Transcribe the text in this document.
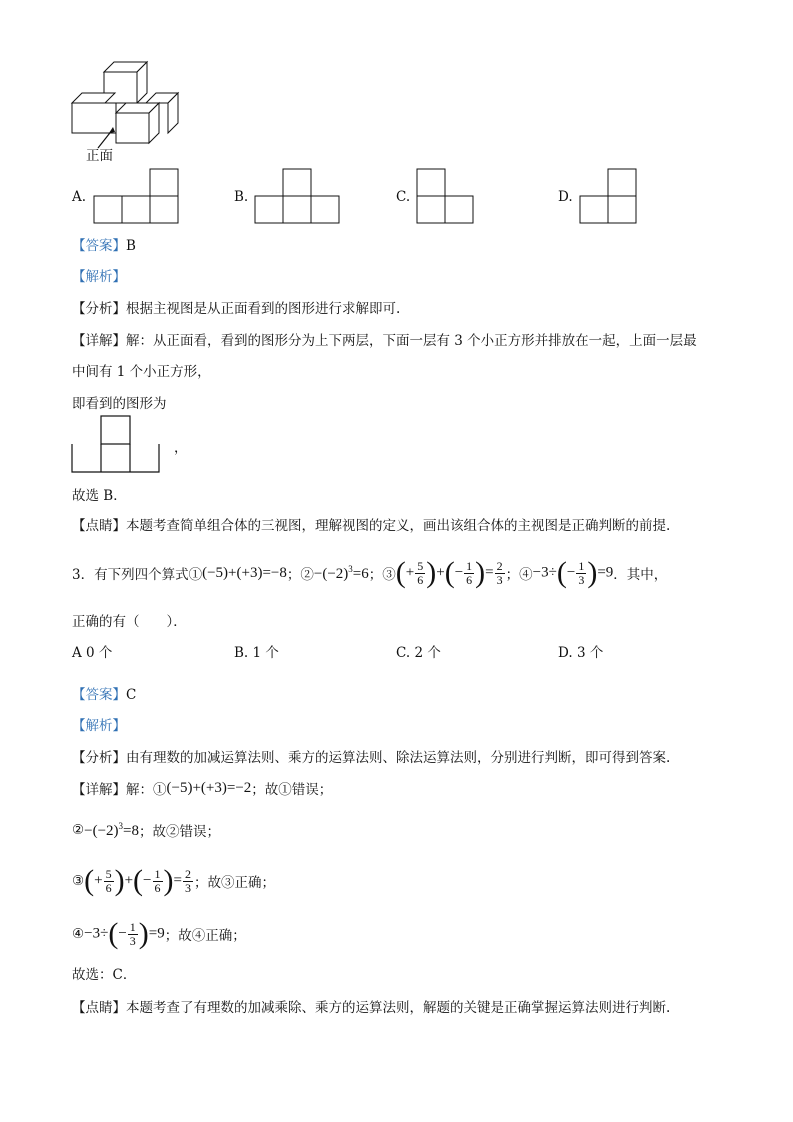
正面
A.	B.	C.	D.
【答案】B
【解析】
【分析】根据主视图是从正面看到的图形进行求解即可.
【详解】解：从正面看，看到的图形分为上下两层，下面一层有 3 个小正方形并排放在一起，上面一层最
中间有 1 个小正方形，
即看到的图形为
，
故选 B．
【点睛】本题考查简单组合体的三视图，理解视图的定义，画出该组合体的主视图是正确判断的前提.
3．有下列四个算式① (−5)+(+3)=−8 ；② $-(-2)^3=6$ ；③ (+ $\frac{5}{6}$ )+(− $\frac{1}{6}$ )= $\frac{2}{3}$ ；④ $-3\div(- \frac{1}{3} )=9$ ．其中，
正确的有（　　）．
A 0 个	B. 1 个	C. 2 个	D. 3 个
【答案】C
【解析】
【分析】由有理数的加减运算法则、乘方的运算法则、除法运算法则，分别进行判断，即可得到答案.
【详解】 解：① (−5)+(+3)=−2 ；故①错误；
② $-(-2)^3=8$ ；故②错误；
③ (+ $\frac{5}{6}$ )+(− $\frac{1}{6}$ )= $\frac{2}{3}$ ；故③正确；
④ $-3\div(- \frac{1}{3} )=9$ ；故④正确；
故选：C．
【点睛】本题考查了有理数的加减乘除、乘方的运算法则，解题的关键是正确掌握运算法则进行判断.
